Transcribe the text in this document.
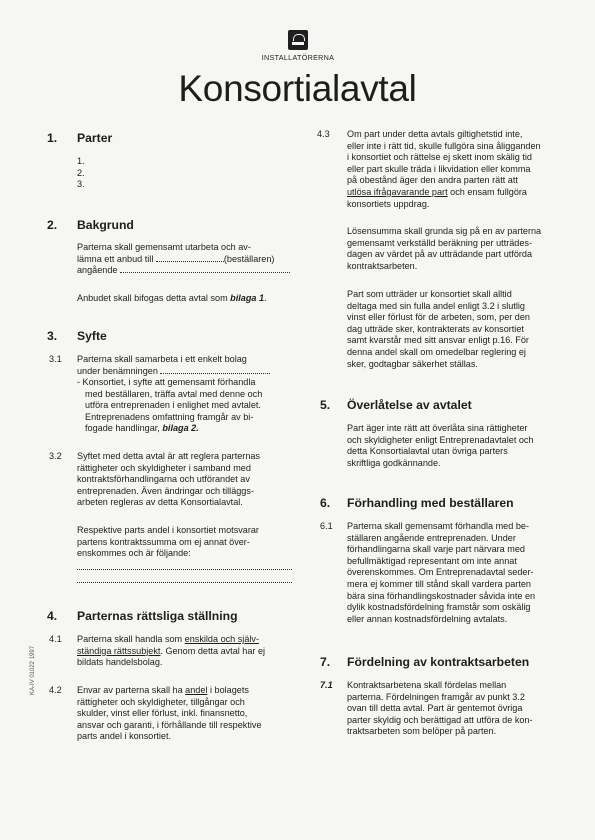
INSTALLATÖRERNA
Konsortialavtal
KA-IV 01022 1997
1. Parter
1.
2.
3.
2. Bakgrund
Parterna skall gemensamt utarbeta och av-
lämna ett anbud till	(beställaren)
angående
Anbudet skall bifogas detta avtal som bilaga 1.
3. Syfte
3.1 Parterna skall samarbeta i ett enkelt bolag
under benämningen
- Konsortiet, i syfte att gemensamt förhandla
med beställaren, träffa avtal med denne och
utföra entreprenaden i enlighet med avtalet.
Entreprenadens omfattning framgår av bi-
fogade handlingar, bilaga 2.
3.2 Syftet med detta avtal är att reglera parternas
rättigheter och skyldigheter i samband med
kontraktsförhandlingarna och utförandet av
entreprenaden. Även ändringar och tilläggs-
arbeten regleras av detta Konsortialavtal.
Respektive parts andel i konsortiet motsvarar
partens kontraktssumma om ej annat över-
enskommes och är följande:
4. Parternas rättsliga ställning
4.1 Parterna skall handla som enskilda och själv-
ständiga rättssubjekt. Genom detta avtal har ej
bildats handelsbolag.
4.2 Envar av parterna skall ha andel i bolagets
rättigheter och skyldigheter, tillgångar och
skulder, vinst eller förlust, inkl. finansnetto,
ansvar och garanti, i förhållande till respektive
parts andel i konsortiet.
4.3 Om part under detta avtals giltighetstid inte,
eller inte i rätt tid, skulle fullgöra sina åligganden
i konsortiet och rättelse ej skett inom skälig tid
eller part skulle träda i likvidation eller komma
på obestånd äger den andra parten rätt att
utlösa ifrågavarande part och ensam fullgöra
konsortiets uppdrag.
Lösensumma skall grunda sig på en av parterna
gemensamt verkställd beräkning per utträdes-
dagen av värdet på av utträdande part utförda
kontraktsarbeten.
Part som utträder ur konsortiet skall alltid
deltaga med sin fulla andel enligt 3.2 i slutlig
vinst eller förlust för de arbeten, som, per den
dag utträde sker, kontrakterats av konsortiet
samt kvarstår med sitt ansvar enligt p.16. För
denna andel skall om omedelbar reglering ej
sker, godtagbar säkerhet ställas.
5. Överlåtelse av avtalet
Part äger inte rätt att överlåta sina rättigheter
och skyldigheter enligt Entreprenadavtalet och
detta Konsortialavtal utan övriga parters
skriftliga godkännande.
6. Förhandling med beställaren
6.1 Parterna skall gemensamt förhandla med be-
ställaren angående entreprenaden. Under
förhandlingarna skall varje part närvara med
befullmäktigad representant om inte annat
överenskommes. Om Entreprenadavtal seder-
mera ej kommer till stånd skall vardera parten
bära sina förhandlingskostnader såvida inte en
dylik kostnadsfördelning framstår som oskälig
eller annan kostnadsfördelning avtalats.
7. Fördelning av kontraktsarbeten
7.1 Kontraktsarbetena skall fördelas mellan
parterna. Fördelningen framgår av punkt 3.2
ovan till detta avtal. Part är gentemot övriga
parter skyldig och berättigad att utföra de kon-
traktsarbeten som belöper på parten.
